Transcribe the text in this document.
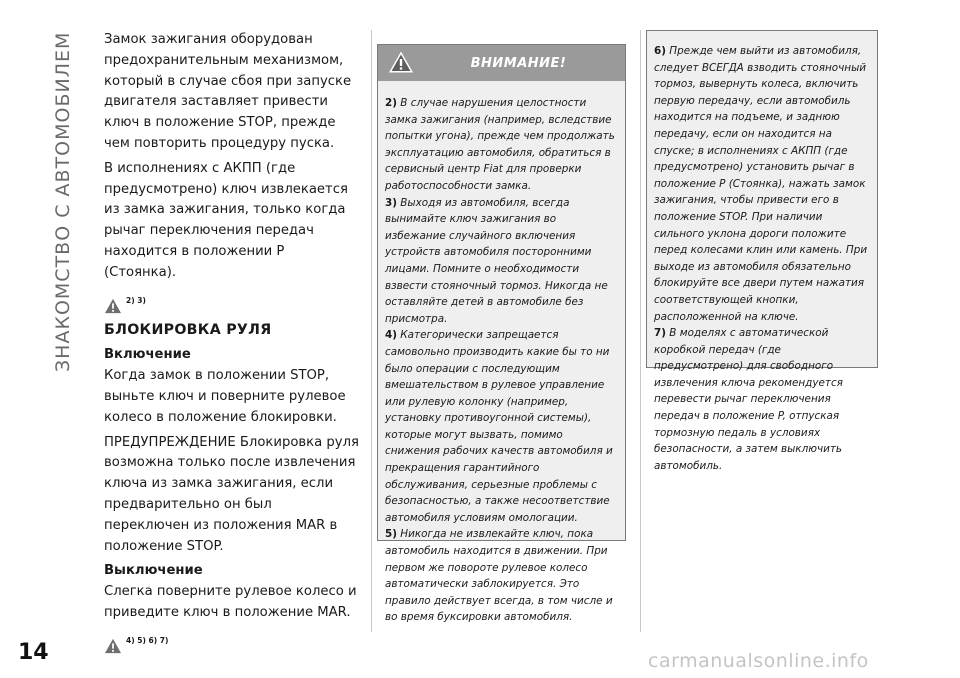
ЗНАКОМСТВО С АВТОМОБИЛЕМ Замок зажигания оборудован предохранительным механизмом, который в случае сбоя при запуске двигателя заставляет привести ключ в положение STOP, прежде чем повторить процедуру пуска.

В исполнениях с АКПП (где предусмотрено) ключ извлекается из замка зажигания, только когда рычаг переключения передач находится в положении P (Стоянка).

2) 3)
БЛОКИРОВКА РУЛЯ
Включение

Когда замок в положении STOP, выньте ключ и поверните рулевое колесо в положение блокировки.

ПРЕДУПРЕЖДЕНИЕ Блокировка руля возможна только после извлечения ключа из замка зажигания, если предварительно он был переключен из положения MAR в положение STOP.

Выключение

Слегка поверните рулевое колесо и приведите ключ в положение MAR.

4) 5) 6) 7)
ВНИМАНИЕ!

2) В случае нарушения целостности замка зажигания (например, вследствие попытки угона), прежде чем продолжать эксплуатацию автомобиля, обратиться в сервисный центр Fiat для проверки работоспособности замка.

3) Выходя из автомобиля, всегда вынимайте ключ зажигания во избежание случайного включения устройств автомобиля посторонними лицами. Помните о необходимости взвести стояночный тормоз. Никогда не оставляйте детей в автомобиле без присмотра.

4) Категорически запрещается самовольно производить какие бы то ни было операции с последующим вмешательством в рулевое управление или рулевую колонку (например, установку противоугонной системы), которые могут вызвать, помимо снижения рабочих качеств автомобиля и прекращения гарантийного обслуживания, серьезные проблемы с безопасностью, а также несоответствие автомобиля условиям омологации.

5) Никогда не извлекайте ключ, пока автомобиль находится в движении. При первом же повороте рулевое колесо автоматически заблокируется. Это правило действует всегда, в том числе и во время буксировки автомобиля.

6) Прежде чем выйти из автомобиля, следует ВСЕГДА взводить стояночный тормоз, вывернуть колеса, включить первую передачу, если автомобиль находится на подъеме, и заднюю передачу, если он находится на спуске; в исполнениях с АКПП (где предусмотрено) установить рычаг в положение P (Стоянка), нажать замок зажигания, чтобы привести его в положение STOP. При наличии сильного уклона дороги положите перед колесами клин или камень. При выходе из автомобиля обязательно блокируйте все двери путем нажатия соответствующей кнопки, расположенной на ключе.

7) В моделях с автоматической коробкой передач (где предусмотрено) для свободного извлечения ключа рекомендуется перевести рычаг переключения передач в положение P, отпуская тормозную педаль в условиях безопасности, а затем выключить автомобиль.

14	carmanualsonline.info
